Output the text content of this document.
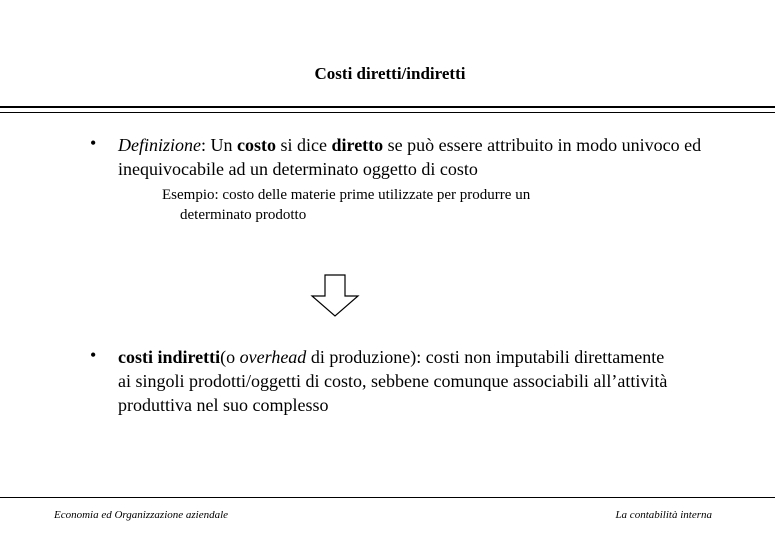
Costi diretti/indiretti
• Definizione: Un costo si dice diretto se può essere attribuito in modo univoco ed inequivocabile ad un determinato oggetto di costo
Esempio: costo delle materie prime utilizzate per produrre un
determinato prodotto
• costi indiretti(o overhead di produzione): costi non imputabili direttamente ai singoli prodotti/oggetti di costo, sebbene comunque associabili all’attività produttiva nel suo complesso
Economia ed Organizzazione aziendale	La contabilità interna
